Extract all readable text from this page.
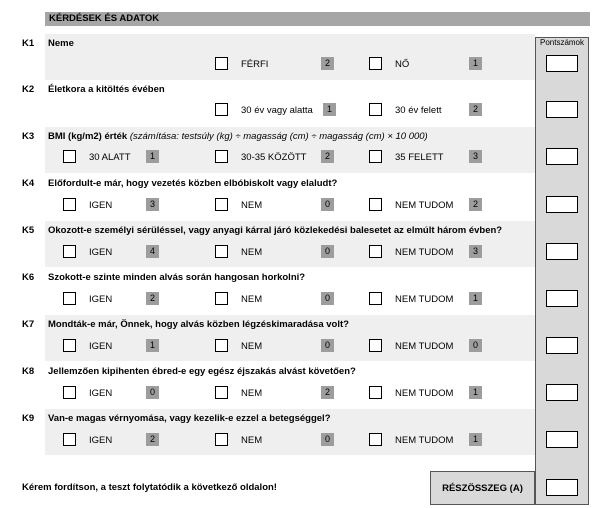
KÉRDÉSEK ÉS ADATOK
Pontszámok
K1 Neme
FÉRFI	2	NŐ	1
K2 Életkora a kitöltés évében
30 év vagy alatta	1	30 év felett	2
K3 BMI (kg/m2) érték (számítása: testsúly (kg) ÷ magasság (cm) ÷ magasság (cm) × 10 000)
30 ALATT	1	30-35 KÖZÖTT	2	35 FELETT	3
K4 Előfordult-e már, hogy vezetés közben elbóbiskolt vagy elaludt?
IGEN	3	NEM	0	NEM TUDOM	2
K5 Okozott-e személyi sérüléssel, vagy anyagi kárral járó közlekedési balesetet az elmúlt három évben?
IGEN	4	NEM	0	NEM TUDOM	3
K6 Szokott-e szinte minden alvás során hangosan horkolni?
IGEN	2	NEM	0	NEM TUDOM	1
K7 Mondták-e már, Önnek, hogy alvás közben légzéskimaradása volt?
IGEN	1	NEM	0	NEM TUDOM	0
K8 Jellemzően kipihenten ébred-e egy egész éjszakás alvást követően?
IGEN	0	NEM	2	NEM TUDOM	1
K9 Van-e magas vérnyomása, vagy kezelik-e ezzel a betegséggel?
IGEN	2	NEM	0	NEM TUDOM	1
Kérem fordítson, a teszt folytatódik a következő oldalon!	RÉSZÖSSZEG (A)
